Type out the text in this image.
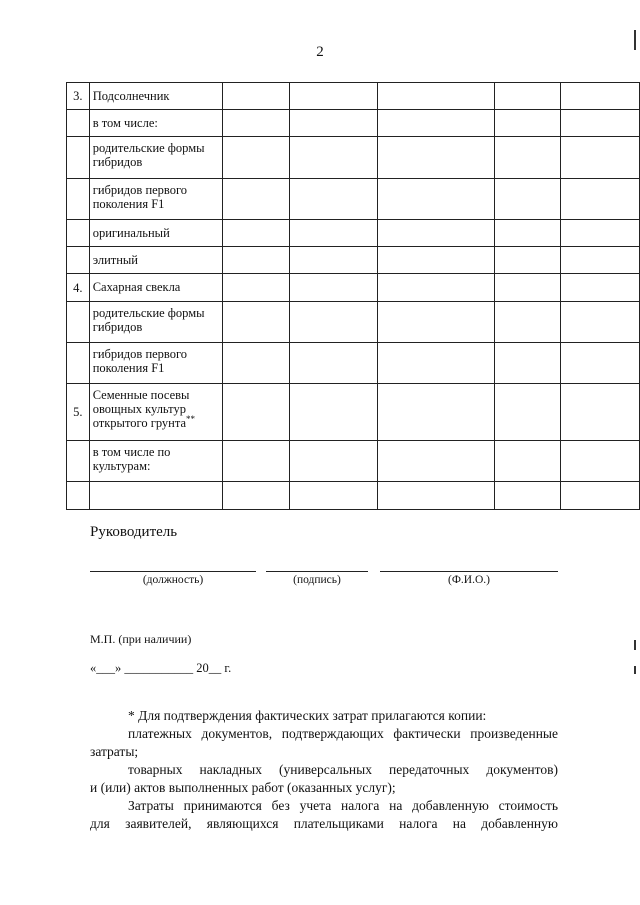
2
3.	Подсолнечник					

	в том числе:					

	родительские формы
гибридов					

	гибридов первого
поколения F1					

	оригинальный					

	элитный					

4.	Сахарная свекла					

	родительские формы
гибридов					

	гибридов первого
поколения F1					

5.	Семенные посевы
овощных культур
открытого грунта**

	в том числе по
культурам:					

Руководитель
(должность)	(подпись)	(Ф.И.О.)
М.П. (при наличии)
«___» ___________ 20__ г.
* Для подтверждения фактических затрат прилагаются копии:
платежных документов, подтверждающих фактически произведенные
затраты;
товарных накладных (универсальных передаточных документов)
и (или) актов выполненных работ (оказанных услуг);
Затраты принимаются без учета налога на добавленную стоимость
для заявителей, являющихся плательщиками налога на добавленную
